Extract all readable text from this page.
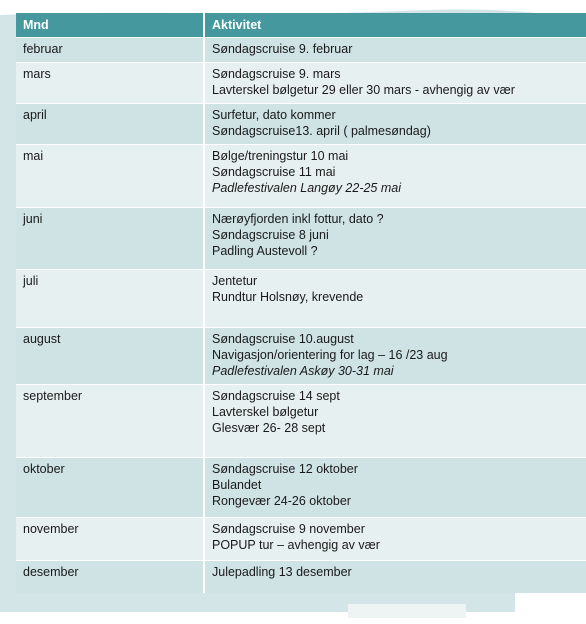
Mnd	Aktivitet
februar	Søndagscruise 9. februar

mars	Søndagscruise 9. mars
Lavterskel bølgetur 29 eller 30 mars - avhengig av vær

april	Surfetur, dato kommer
Søndagscruise13. april ( palmesøndag)

mai	Bølge/treningstur 10 mai
Søndagscruise 11 mai
Padlefestivalen Langøy 22-25 mai

juni	Nærøyfjorden inkl fottur, dato ?
Søndagscruise 8 juni
Padling Austevoll ?

juli	Jentetur
Rundtur Holsnøy, krevende

august	Søndagscruise 10.august
Navigasjon/orientering for lag – 16 /23 aug
Padlefestivalen Askøy 30-31 mai

september	Søndagscruise 14 sept
Lavterskel bølgetur
Glesvær 26- 28 sept

oktober	Søndagscruise 12 oktober
Bulandet
Rongevær 24-26 oktober

november	Søndagscruise 9 november
POPUP tur – avhengig av vær

desember	Julepadling 13 desember
